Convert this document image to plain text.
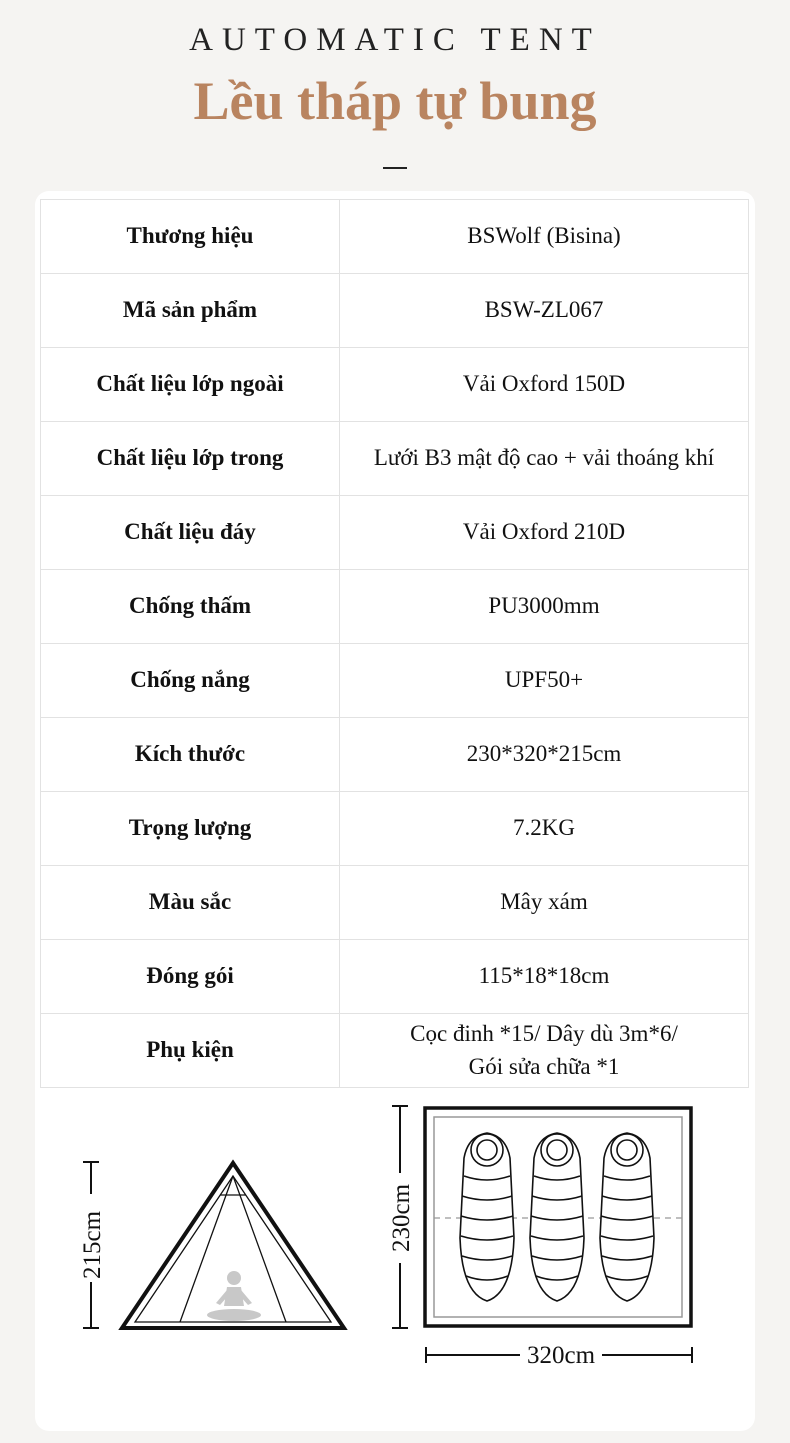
AUTOMATIC TENT
Lều tháp tự bung
Thương hiệu	BSWolf (Bisina)
Mã sản phẩm	BSW-ZL067
Chất liệu lớp ngoài	Vải Oxford 150D
Chất liệu lớp trong	Lưới B3 mật độ cao + vải thoáng khí
Chất liệu đáy	Vải Oxford 210D
Chống thấm	PU3000mm
Chống nắng	UPF50+
Kích thước	230*320*215cm
Trọng lượng	7.2KG
Màu sắc	Mây xám
Đóng gói	115*18*18cm
Phụ kiện	Cọc đinh *15/ Dây dù 3m*6/
Gói sửa chữa *1
215cm	230cm
320cm
